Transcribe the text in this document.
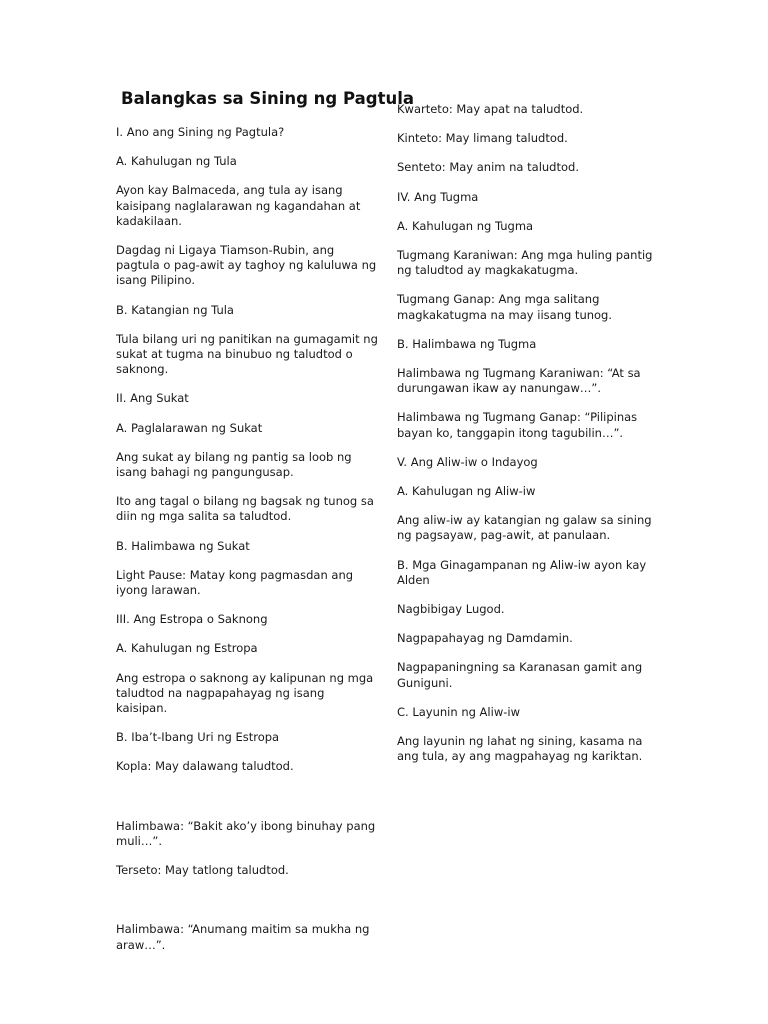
Balangkas sa Sining ng Pagtula

I. Ano ang Sining ng Pagtula?

A. Kahulugan ng Tula

Ayon kay Balmaceda, ang tula ay isang kaisipang naglalarawan ng kagandahan at kadakilaan.

Dagdag ni Ligaya Tiamson-Rubin, ang pagtula o pag-awit ay taghoy ng kaluluwa ng isang Pilipino.

B. Katangian ng Tula

Tula bilang uri ng panitikan na gumagamit ng sukat at tugma na binubuo ng taludtod o saknong.

II. Ang Sukat

A. Paglalarawan ng Sukat

Ang sukat ay bilang ng pantig sa loob ng isang bahagi ng pangungusap.

Ito ang tagal o bilang ng bagsak ng tunog sa diin ng mga salita sa taludtod.

B. Halimbawa ng Sukat

Light Pause: Matay kong pagmasdan ang iyong larawan.

III. Ang Estropa o Saknong

A. Kahulugan ng Estropa

Ang estropa o saknong ay kalipunan ng mga taludtod na nagpapahayag ng isang kaisipan.

B. Iba’t-Ibang Uri ng Estropa

Kopla: May dalawang taludtod.

Halimbawa: “Bakit ako’y ibong binuhay pang muli…”.

Terseto: May tatlong taludtod.

Halimbawa: “Anumang maitim sa mukha ng araw…”.

Kwarteto: May apat na taludtod.

Kinteto: May limang taludtod.

Senteto: May anim na taludtod.

IV. Ang Tugma

A. Kahulugan ng Tugma

Tugmang Karaniwan: Ang mga huling pantig ng taludtod ay magkakatugma.

Tugmang Ganap: Ang mga salitang magkakatugma na may iisang tunog.

B. Halimbawa ng Tugma

Halimbawa ng Tugmang Karaniwan: “At sa durungawan ikaw ay nanungaw…”.

Halimbawa ng Tugmang Ganap: “Pilipinas bayan ko, tanggapin itong tagubilin…”.

V. Ang Aliw-iw o Indayog

A. Kahulugan ng Aliw-iw

Ang aliw-iw ay katangian ng galaw sa sining ng pagsayaw, pag-awit, at panulaan.

B. Mga Ginagampanan ng Aliw-iw ayon kay Alden

Nagbibigay Lugod.

Nagpapahayag ng Damdamin.

Nagpapaningning sa Karanasan gamit ang Guniguni.

C. Layunin ng Aliw-iw

Ang layunin ng lahat ng sining, kasama na ang tula, ay ang magpahayag ng kariktan.
